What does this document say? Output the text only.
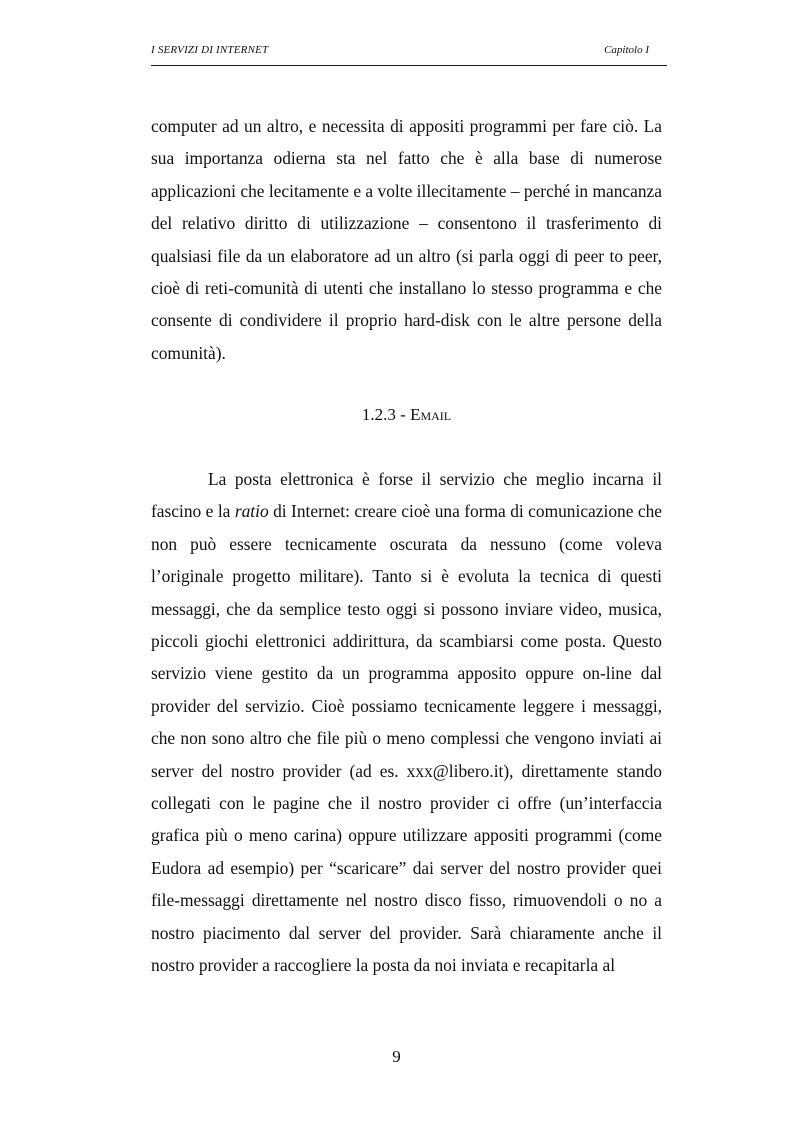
I SERVIZI DI INTERNET	Capitolo I

computer ad un altro, e necessita di appositi programmi per fare ciò. La sua importanza odierna sta nel fatto che è alla base di numerose applicazioni che lecitamente e a volte illecitamente – perché in mancanza del relativo diritto di utilizzazione – consentono il trasferimento di qualsiasi file da un elaboratore ad un altro (si parla oggi di peer to peer, cioè di reti-comunità di utenti che installano lo stesso programma e che consente di condividere il proprio hard-disk con le altre persone della comunità).

1.2.3 - Email

La posta elettronica è forse il servizio che meglio incarna il fascino e la ratio di Internet: creare cioè una forma di comunicazione che non può essere tecnicamente oscurata da nessuno (come voleva l’originale progetto militare). Tanto si è evoluta la tecnica di questi messaggi, che da semplice testo oggi si possono inviare video, musica, piccoli giochi elettronici addirittura, da scambiarsi come posta. Questo servizio viene gestito da un programma apposito oppure on-line dal provider del servizio. Cioè possiamo tecnicamente leggere i messaggi, che non sono altro che file più o meno complessi che vengono inviati ai server del nostro provider (ad es. xxx@libero.it), direttamente stando collegati con le pagine che il nostro provider ci offre (un’interfaccia grafica più o meno carina) oppure utilizzare appositi programmi (come Eudora ad esempio) per “scaricare” dai server del nostro provider quei file-messaggi direttamente nel nostro disco fisso, rimuovendoli o no a nostro piacimento dal server del provider. Sarà chiaramente anche il nostro provider a raccogliere la posta da noi inviata e recapitarla al

9
